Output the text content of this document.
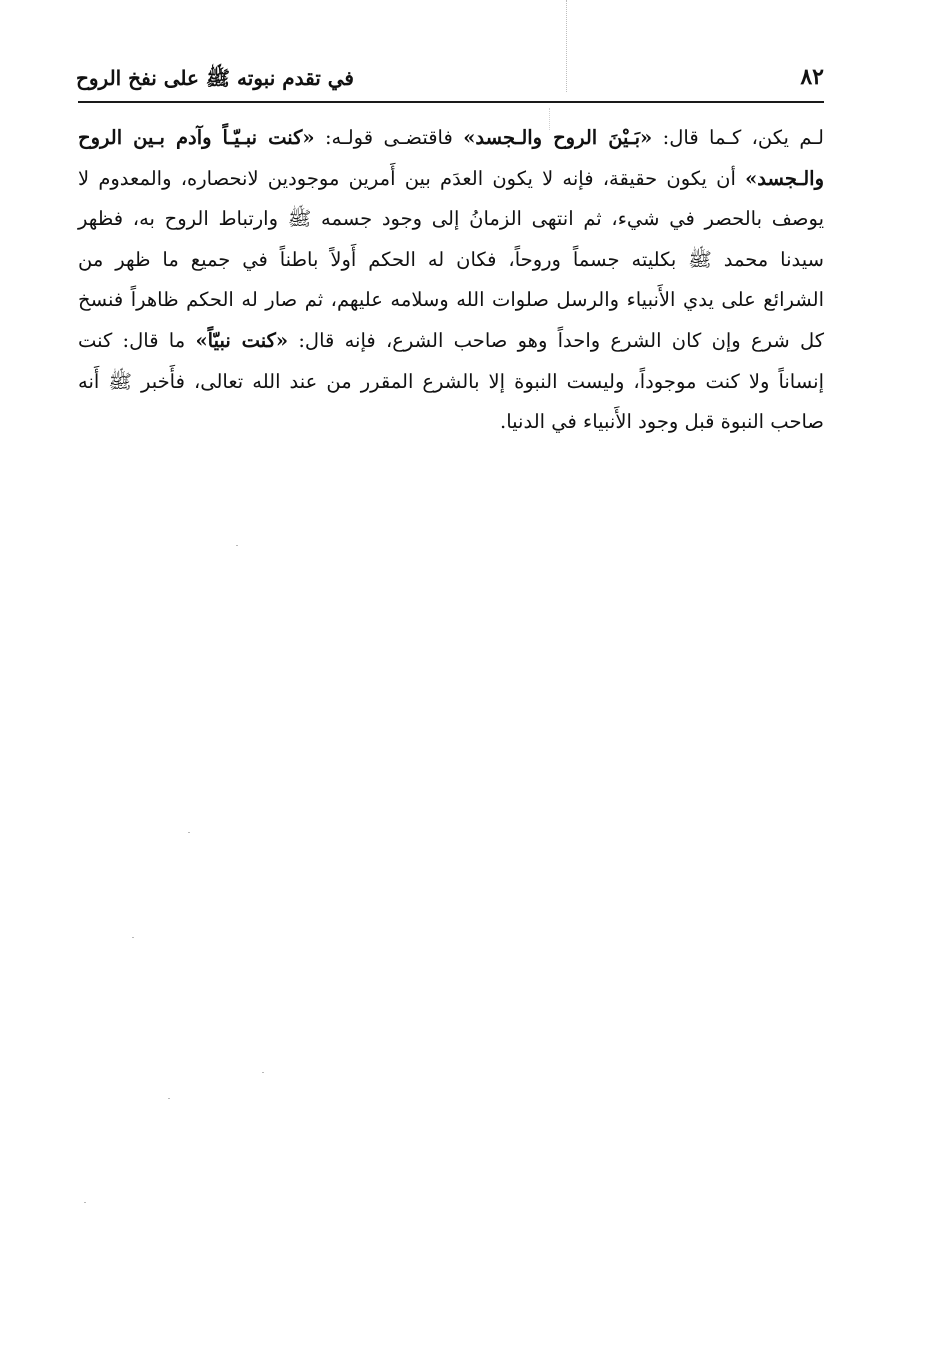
في تقدم نبوته ﷺ على نفخ الروح	٨٢
لـم يكن، كـما قال: «بَـيْنَ الروح والـجسد» فاقتضـى قولـه: «كنت نبـيّـاً وآدم بـين الروح
والـجسد» أن يكون حقيقة، فإنه لا يكون العدَم بين أَمرين موجودين لانحصاره، والمعدوم لا
يوصف بالحصر في شيء، ثم انتهى الزمانُ إلى وجود جسمه ﷺ وارتباط الروح به، فظهر
سيدنا محمد ﷺ بكليته جسماً وروحاً، فكان له الحكم أَولاً باطناً في جميع ما ظهر من
الشرائع على يدي الأَنبياء والرسل صلوات الله وسلامه عليهم، ثم صار له الحكم ظاهراً فنسخ
كل شرع وإن كان الشرع واحداً وهو صاحب الشرع، فإنه قال: «كنت نبيّاً» ما قال: كنت
إنساناً ولا كنت موجوداً، وليست النبوة إلا بالشرع المقرر من عند الله تعالى، فأَخبر ﷺ أَنه
صاحب النبوة قبل وجود الأَنبياء في الدنيا.
